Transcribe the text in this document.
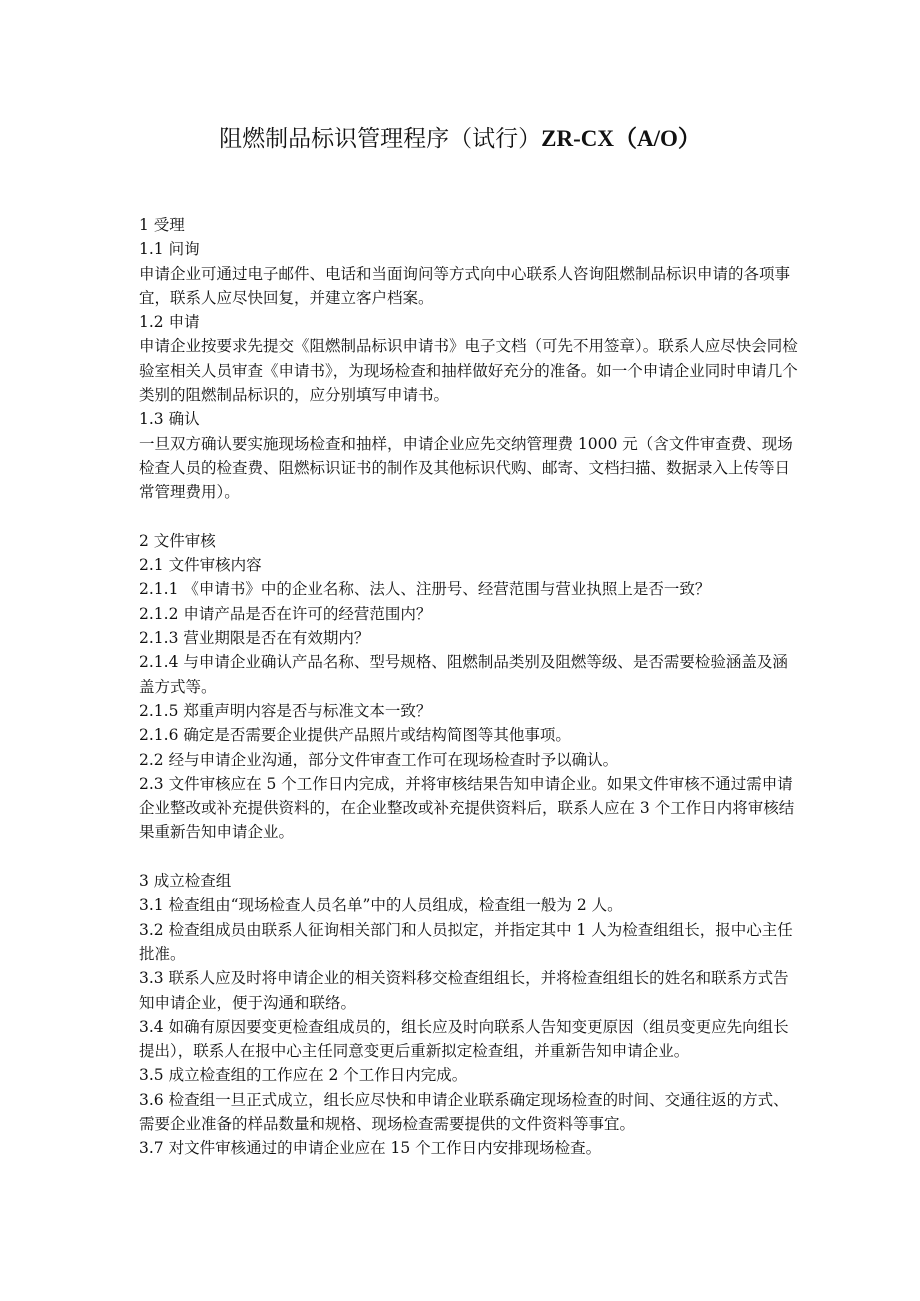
阻燃制品标识管理程序（试行）ZR-CX（A/O）

1 受理

1.1 问询

申请企业可通过电子邮件、电话和当面询问等方式向中心联系人咨询阻燃制品标识申请的各项事宜，联系人应尽快回复，并建立客户档案。

1.2 申请

申请企业按要求先提交《阻燃制品标识申请书》电子文档（可先不用签章）。联系人应尽快会同检验室相关人员审查《申请书》，为现场检查和抽样做好充分的准备。如一个申请企业同时申请几个类别的阻燃制品标识的，应分别填写申请书。

1.3 确认

一旦双方确认要实施现场检查和抽样，申请企业应先交纳管理费 1000 元（含文件审查费、现场检查人员的检查费、阻燃标识证书的制作及其他标识代购、邮寄、文档扫描、数据录入上传等日常管理费用）。

2 文件审核

2.1 文件审核内容

2.1.1 《申请书》中的企业名称、法人、注册号、经营范围与营业执照上是否一致？

2.1.2 申请产品是否在许可的经营范围内？

2.1.3 营业期限是否在有效期内？

2.1.4 与申请企业确认产品名称、型号规格、阻燃制品类别及阻燃等级、是否需要检验涵盖及涵盖方式等。

2.1.5 郑重声明内容是否与标准文本一致？

2.1.6 确定是否需要企业提供产品照片或结构简图等其他事项。

2.2 经与申请企业沟通，部分文件审查工作可在现场检查时予以确认。

2.3 文件审核应在 5 个工作日内完成，并将审核结果告知申请企业。如果文件审核不通过需申请企业整改或补充提供资料的，在企业整改或补充提供资料后，联系人应在 3 个工作日内将审核结果重新告知申请企业。

3 成立检查组

3.1 检查组由“现场检查人员名单”中的人员组成，检查组一般为 2 人。

3.2 检查组成员由联系人征询相关部门和人员拟定，并指定其中 1 人为检查组组长，报中心主任批准。

3.3 联系人应及时将申请企业的相关资料移交检查组组长，并将检查组组长的姓名和联系方式告知申请企业，便于沟通和联络。

3.4 如确有原因要变更检查组成员的，组长应及时向联系人告知变更原因（组员变更应先向组长提出），联系人在报中心主任同意变更后重新拟定检查组，并重新告知申请企业。

3.5 成立检查组的工作应在 2 个工作日内完成。

3.6 检查组一旦正式成立，组长应尽快和申请企业联系确定现场检查的时间、交通往返的方式、需要企业准备的样品数量和规格、现场检查需要提供的文件资料等事宜。

3.7 对文件审核通过的申请企业应在 15 个工作日内安排现场检查。
